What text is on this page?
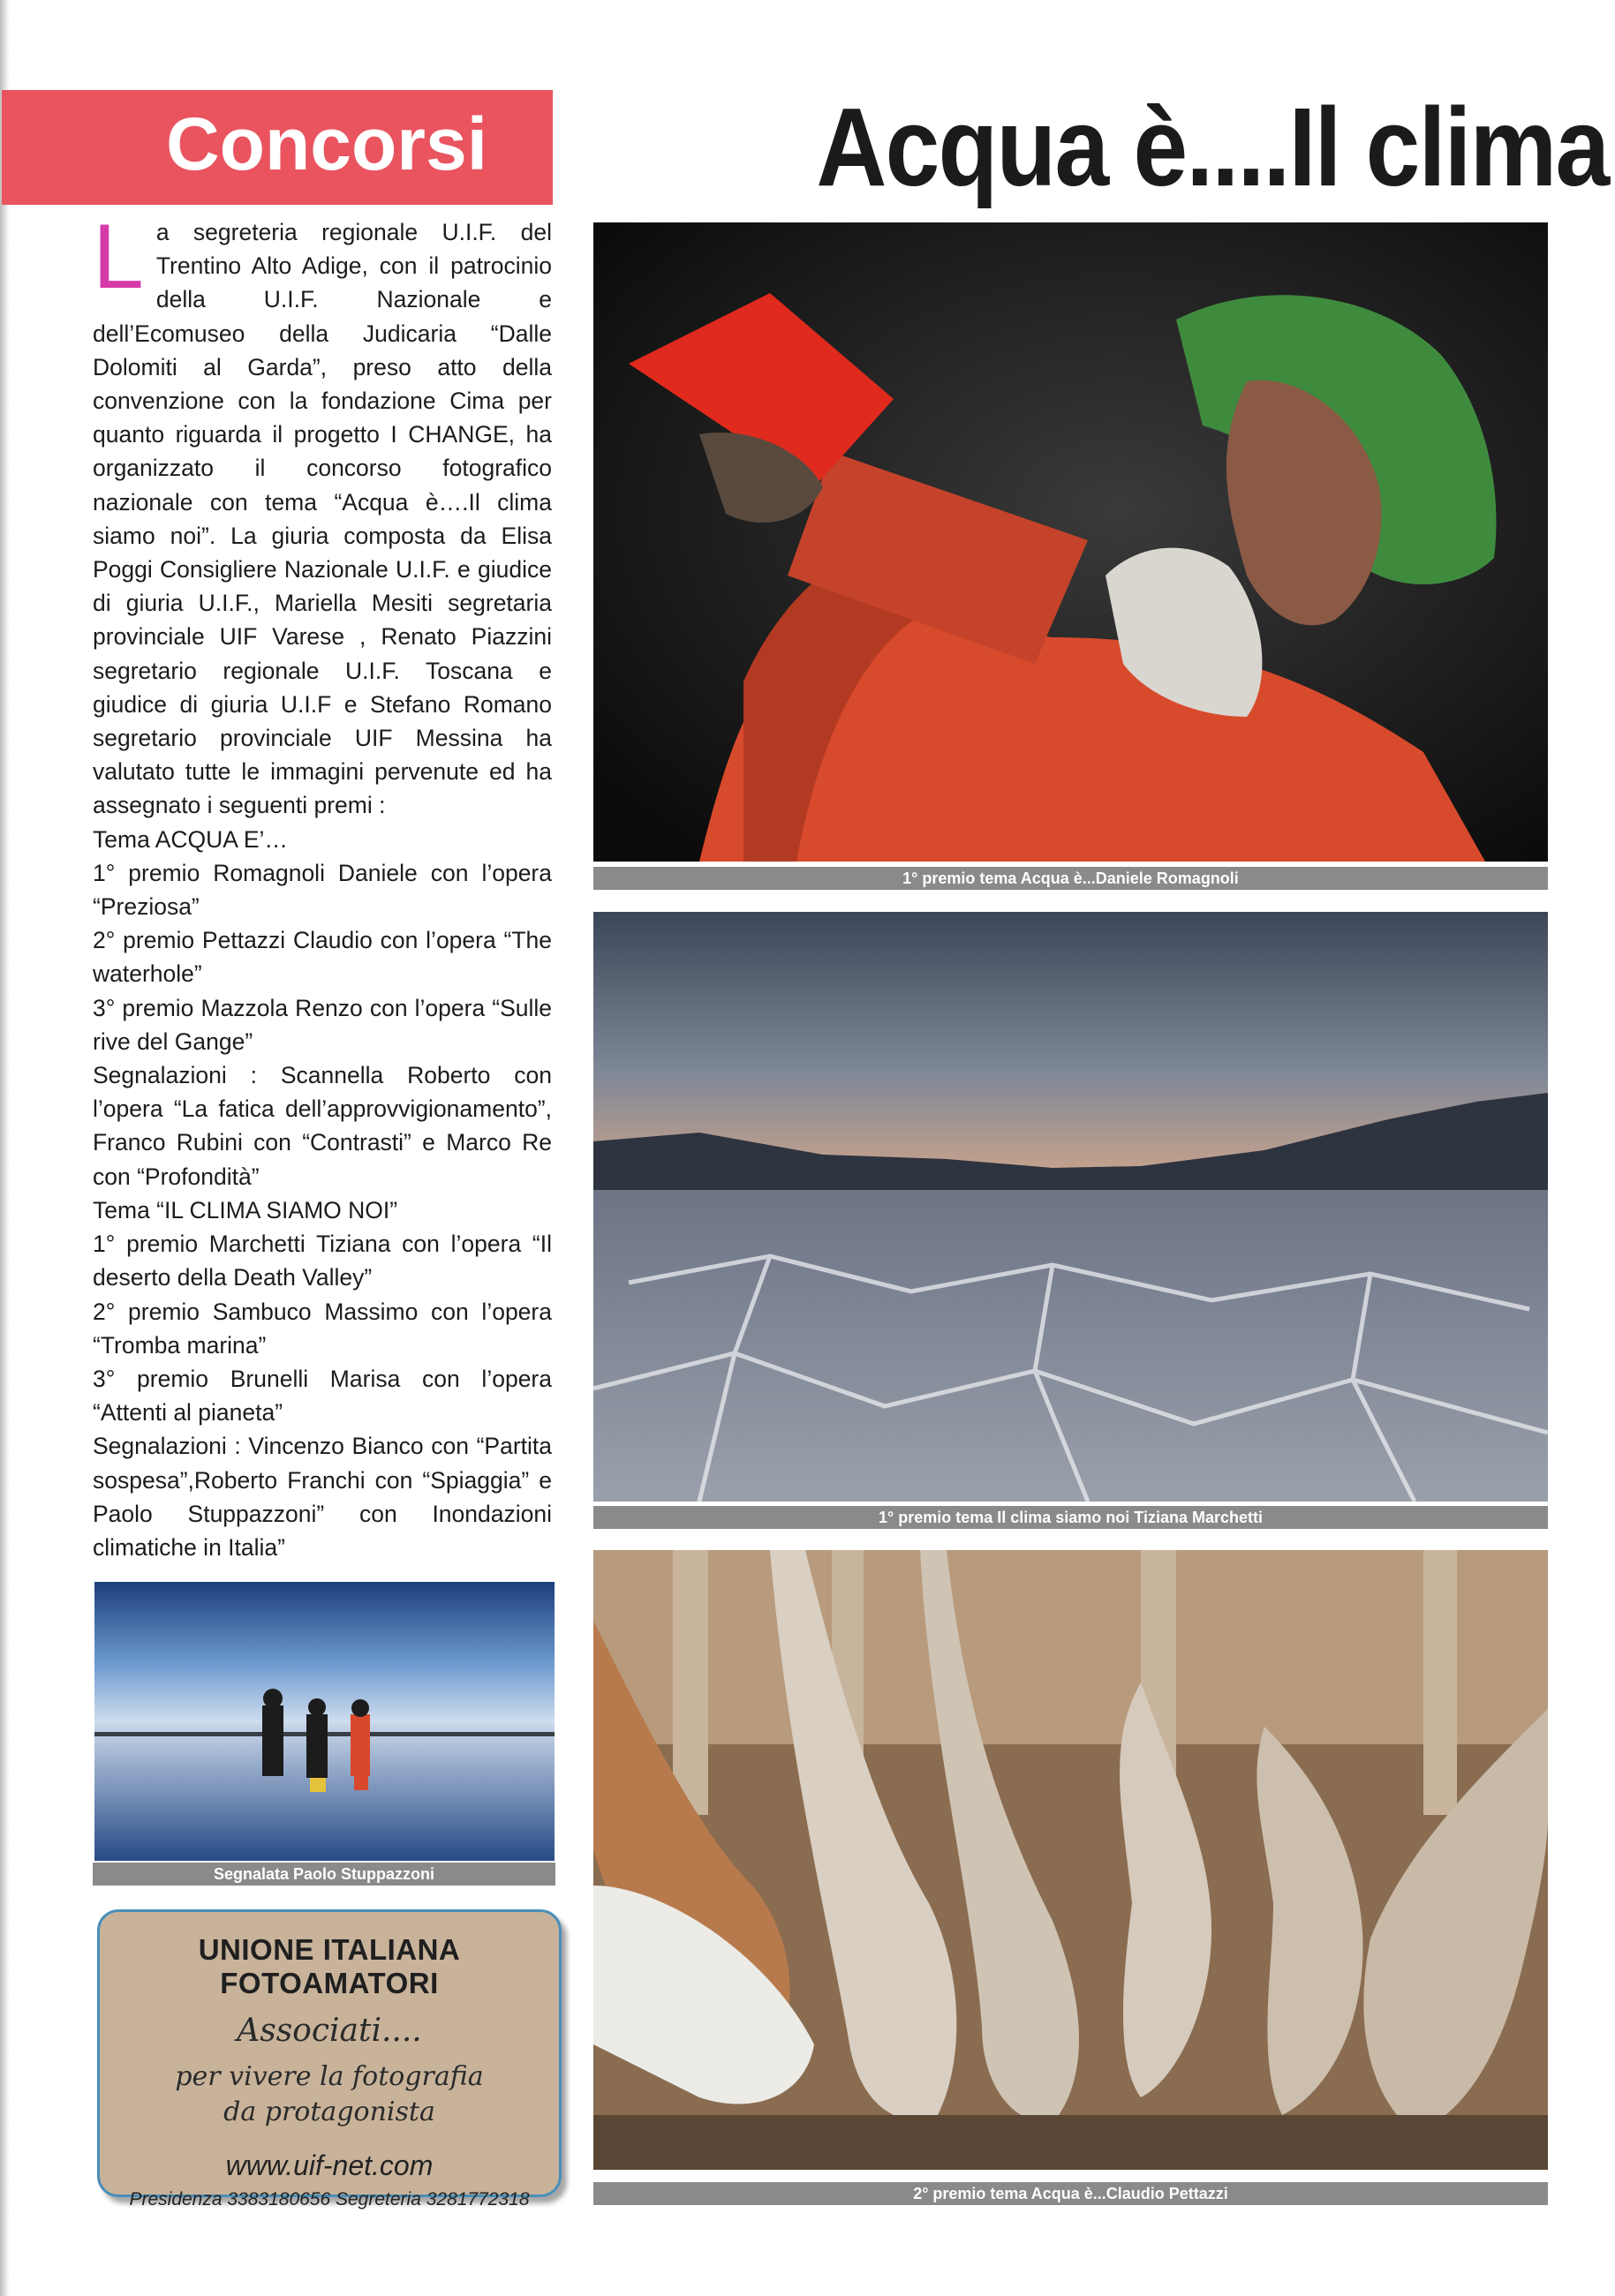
Concorsi	Acqua è....Il clima
L a segreteria regionale U.I.F. del Trentino Alto Adige, con il patrocinio della U.I.F. Nazionale e dell’Ecomuseo della Judicaria “Dalle Dolomiti al Garda”, preso atto della convenzione con la fondazione Cima per quanto riguarda il progetto I CHANGE, ha organizzato il concorso fotografico nazionale con tema “Acqua è….Il clima siamo noi”. La giuria composta da Elisa Poggi Consigliere Nazionale U.I.F. e giudice di giuria U.I.F., Mariella Mesiti segretaria provinciale UIF Varese , Renato Piazzini segretario regionale U.I.F. Toscana e giudice di giuria U.I.F e Stefano Romano segretario provinciale UIF Messina ha valutato tutte le immagini pervenute ed ha assegnato i seguenti premi :

Tema ACQUA E’…

1° premio Romagnoli Daniele con l’opera “Preziosa”

2° premio Pettazzi Claudio con l’opera “The waterhole”

3° premio Mazzola Renzo con l’opera “Sulle rive del Gange”

Segnalazioni : Scannella Roberto con l’opera “La fatica dell’approvvigionamento”, Franco Rubini con “Contrasti” e Marco Re con “Profondità”

Tema “IL CLIMA SIAMO NOI”

1° premio Marchetti Tiziana con l’opera “Il deserto della Death Valley”

2° premio Sambuco Massimo con l’opera “Tromba marina”

3° premio Brunelli Marisa con l’opera “Attenti al pianeta”

Segnalazioni : Vincenzo Bianco con “Partita sospesa”,Roberto Franchi con “Spiaggia” e Paolo Stuppazzoni” con Inondazioni climatiche in Italia”

1° premio tema Acqua è...Daniele Romagnoli
1° premio tema Il clima siamo noi Tiziana Marchetti
2° premio tema Acqua è...Claudio Pettazzi
Segnalata Paolo Stuppazzoni
UNIONE ITALIANA FOTOAMATORI
Associati....
per vivere la fotografia
da protagonista
www.uif-net.com
Presidenza 3383180656 Segreteria 3281772318
